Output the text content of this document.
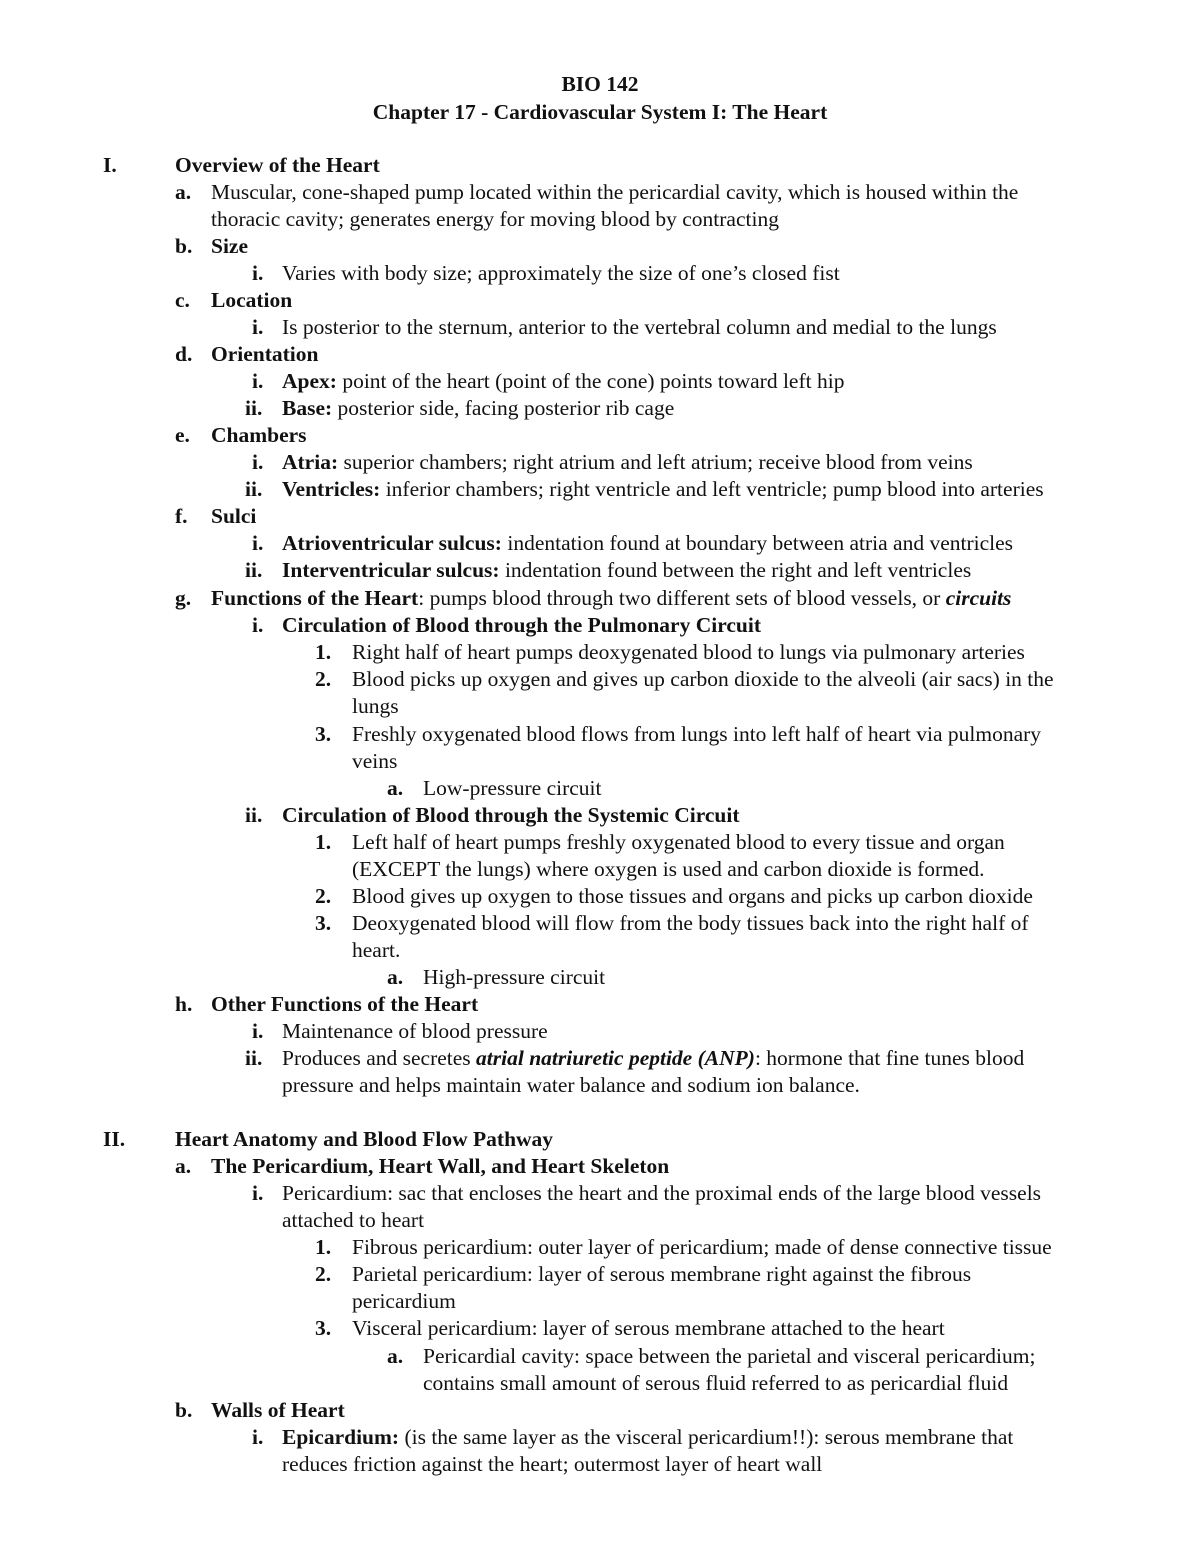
BIO 142
Chapter 17 - Cardiovascular System I: The Heart
I.	Overview of the Heart
a. Muscular, cone-shaped pump located within the pericardial cavity, which is housed within the
thoracic cavity; generates energy for moving blood by contracting
b. Size
i. Varies with body size; approximately the size of one’s closed fist
c. Location
i. Is posterior to the sternum, anterior to the vertebral column and medial to the lungs
d. Orientation
i. Apex: point of the heart (point of the cone) points toward left hip
ii. Base: posterior side, facing posterior rib cage
e. Chambers
i. Atria: superior chambers; right atrium and left atrium; receive blood from veins
ii. Ventricles: inferior chambers; right ventricle and left ventricle; pump blood into arteries
f. Sulci
i. Atrioventricular sulcus: indentation found at boundary between atria and ventricles
ii. Interventricular sulcus: indentation found between the right and left ventricles
g. Functions of the Heart: pumps blood through two different sets of blood vessels, or circuits
i. Circulation of Blood through the Pulmonary Circuit
1. Right half of heart pumps deoxygenated blood to lungs via pulmonary arteries
2. Blood picks up oxygen and gives up carbon dioxide to the alveoli (air sacs) in the
lungs
3. Freshly oxygenated blood flows from lungs into left half of heart via pulmonary
veins
a. Low-pressure circuit
ii. Circulation of Blood through the Systemic Circuit
1. Left half of heart pumps freshly oxygenated blood to every tissue and organ
(EXCEPT the lungs) where oxygen is used and carbon dioxide is formed.
2. Blood gives up oxygen to those tissues and organs and picks up carbon dioxide
3. Deoxygenated blood will flow from the body tissues back into the right half of
heart.
a. High-pressure circuit
h. Other Functions of the Heart
i. Maintenance of blood pressure
ii. Produces and secretes atrial natriuretic peptide (ANP): hormone that fine tunes blood
pressure and helps maintain water balance and sodium ion balance.
II. Heart Anatomy and Blood Flow Pathway
a. The Pericardium, Heart Wall, and Heart Skeleton
i. Pericardium: sac that encloses the heart and the proximal ends of the large blood vessels
attached to heart
1. Fibrous pericardium: outer layer of pericardium; made of dense connective tissue
2. Parietal pericardium: layer of serous membrane right against the fibrous
pericardium
3. Visceral pericardium: layer of serous membrane attached to the heart
a. Pericardial cavity: space between the parietal and visceral pericardium;
contains small amount of serous fluid referred to as pericardial fluid
b. Walls of Heart
i. Epicardium: (is the same layer as the visceral pericardium!!): serous membrane that
reduces friction against the heart; outermost layer of heart wall
